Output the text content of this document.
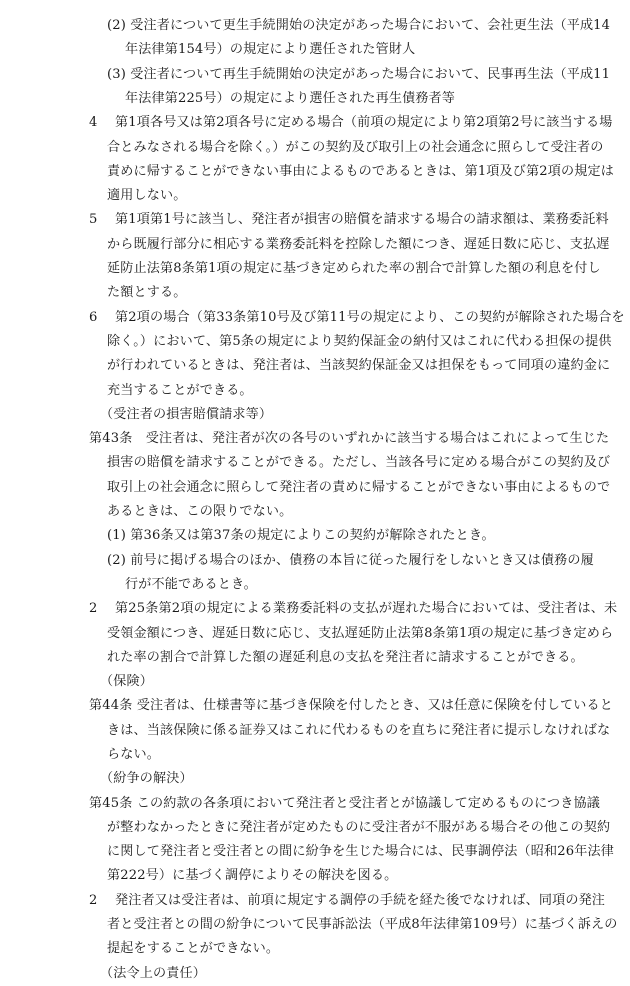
(2) 受注者について更生手続開始の決定があった場合において、会社更生法（平成14
年法律第154号）の規定により選任された管財人
(3) 受注者について再生手続開始の決定があった場合において、民事再生法（平成11
年法律第225号）の規定により選任された再生債務者等
4　 第1項各号又は第2項各号に定める場合（前項の規定により第2項第2号に該当する場
合とみなされる場合を除く。）がこの契約及び取引上の社会通念に照らして受注者の
責めに帰することができない事由によるものであるときは、第1項及び第2項の規定は
適用しない。
5　 第1項第1号に該当し、発注者が損害の賠償を請求する場合の請求額は、業務委託料
から既履行部分に相応する業務委託料を控除した額につき、遅延日数に応じ、支払遅
延防止法第8条第1項の規定に基づき定められた率の割合で計算した額の利息を付し
た額とする。
6　 第2項の場合（第33条第10号及び第11号の規定により、この契約が解除された場合を
除く。）において、第5条の規定により契約保証金の納付又はこれに代わる担保の提供
が行われているときは、発注者は、当該契約保証金又は担保をもって同項の違約金に
充当することができる。
（受注者の損害賠償請求等）
第43条　受注者は、発注者が次の各号のいずれかに該当する場合はこれによって生じた
損害の賠償を請求することができる。ただし、当該各号に定める場合がこの契約及び
取引上の社会通念に照らして発注者の責めに帰することができない事由によるもので
あるときは、この限りでない。
(1) 第36条又は第37条の規定によりこの契約が解除されたとき。
(2) 前号に掲げる場合のほか、債務の本旨に従った履行をしないとき又は債務の履
行が不能であるとき。
2　 第25条第2項の規定による業務委託料の支払が遅れた場合においては、受注者は、未
受領金額につき、遅延日数に応じ、支払遅延防止法第8条第1項の規定に基づき定めら
れた率の割合で計算した額の遅延利息の支払を発注者に請求することができる。
（保険）
第44条 受注者は、仕様書等に基づき保険を付したとき、又は任意に保険を付していると
きは、当該保険に係る証券又はこれに代わるものを直ちに発注者に提示しなければな
らない。
（紛争の解決）
第45条 この約款の各条項において発注者と受注者とが協議して定めるものにつき協議
が整わなかったときに発注者が定めたものに受注者が不服がある場合その他この契約
に関して発注者と受注者との間に紛争を生じた場合には、民事調停法（昭和26年法律
第222号）に基づく調停によりその解決を図る。
2　 発注者又は受注者は、前項に規定する調停の手続を経た後でなければ、同項の発注
者と受注者との間の紛争について民事訴訟法（平成8年法律第109号）に基づく訴えの
提起をすることができない。
（法令上の責任）
